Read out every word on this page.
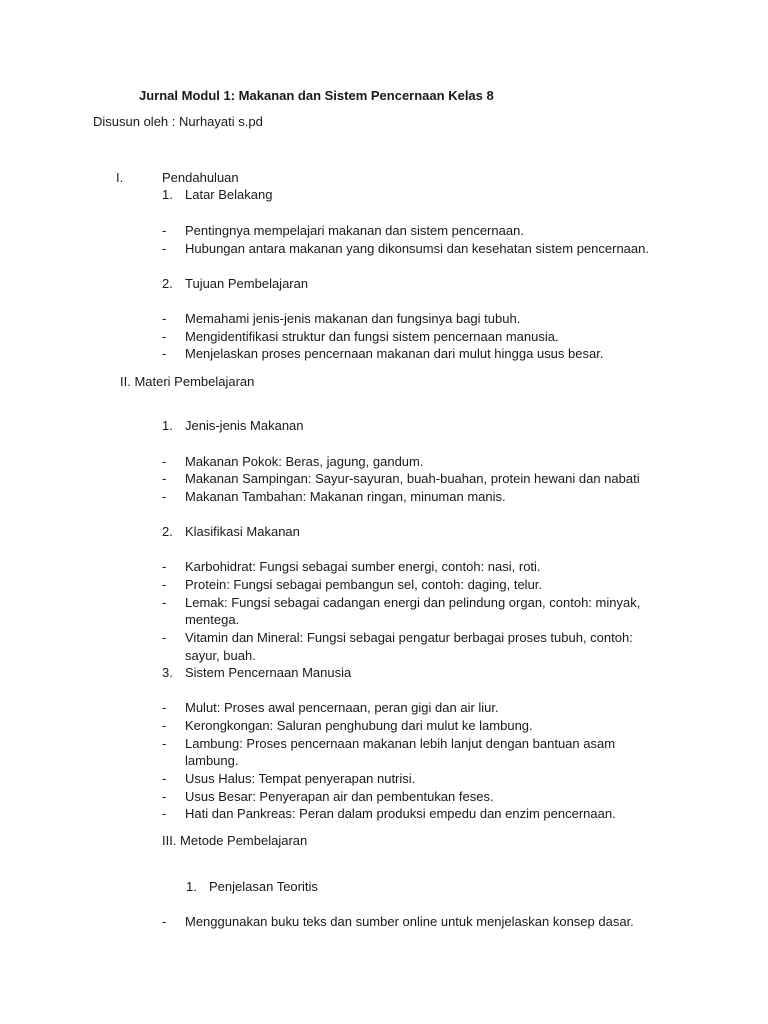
Jurnal Modul 1: Makanan dan Sistem Pencernaan Kelas 8
Disusun oleh : Nurhayati s.pd
I.	Pendahuluan
1. Latar Belakang
-	Pentingnya mempelajari makanan dan sistem pencernaan.
-	Hubungan antara makanan yang dikonsumsi dan kesehatan sistem pencernaan.
2. Tujuan Pembelajaran
-	Memahami jenis-jenis makanan dan fungsinya bagi tubuh.
-	Mengidentifikasi struktur dan fungsi sistem pencernaan manusia.
-	Menjelaskan proses pencernaan makanan dari mulut hingga usus besar.
II. Materi Pembelajaran
1. Jenis-jenis Makanan
-	Makanan Pokok: Beras, jagung, gandum.
-	Makanan Sampingan: Sayur-sayuran, buah-buahan, protein hewani dan nabati
-	Makanan Tambahan: Makanan ringan, minuman manis.
2. Klasifikasi Makanan
-	Karbohidrat: Fungsi sebagai sumber energi, contoh: nasi, roti.
-	Protein: Fungsi sebagai pembangun sel, contoh: daging, telur.
-	Lemak: Fungsi sebagai cadangan energi dan pelindung organ, contoh: minyak,
mentega.
-	Vitamin dan Mineral: Fungsi sebagai pengatur berbagai proses tubuh, contoh:
sayur, buah.
3. Sistem Pencernaan Manusia
-	Mulut: Proses awal pencernaan, peran gigi dan air liur.
-	Kerongkongan: Saluran penghubung dari mulut ke lambung.
-	Lambung: Proses pencernaan makanan lebih lanjut dengan bantuan asam
lambung.
-	Usus Halus: Tempat penyerapan nutrisi.
-	Usus Besar: Penyerapan air dan pembentukan feses.
-	Hati dan Pankreas: Peran dalam produksi empedu dan enzim pencernaan.
III. Metode Pembelajaran
1. Penjelasan Teoritis
-	Menggunakan buku teks dan sumber online untuk menjelaskan konsep dasar.
